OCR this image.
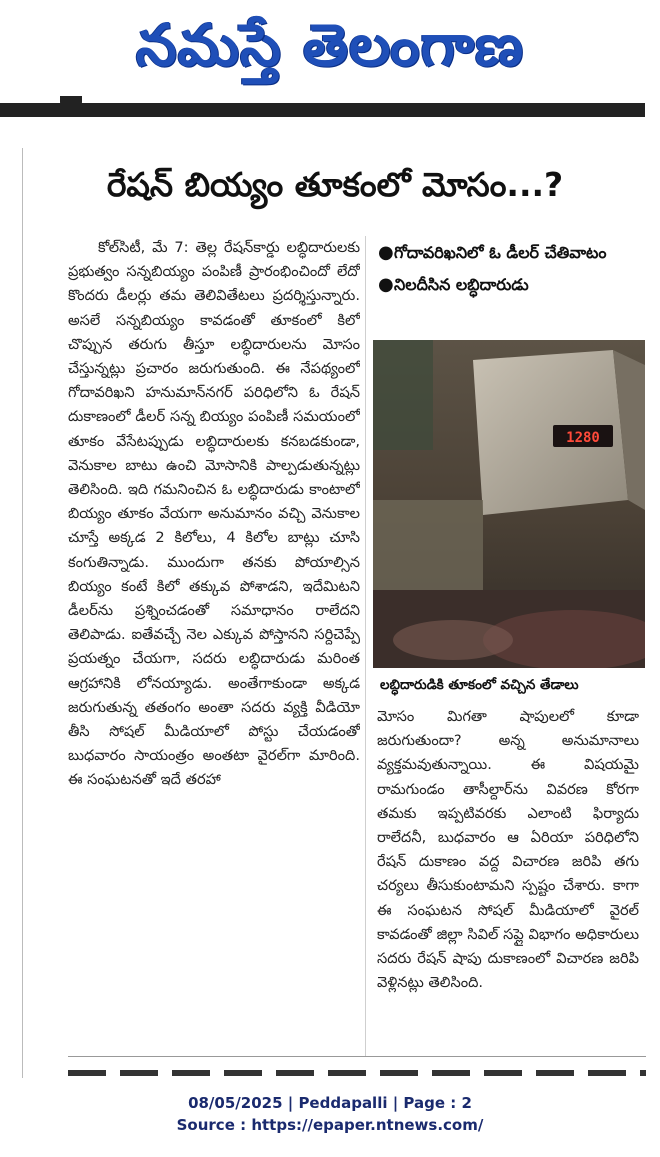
నమస్తే తెలంగాణ
రేషన్ బియ్యం తూకంలో మోసం...?

కోల్‌సిటీ, మే 7: తెల్ల రేషన్‌కార్డు లబ్ధిదారులకు ప్రభుత్వం సన్నబియ్యం పంపిణీ ప్రారంభించిందో లేదో కొందరు డీలర్లు తమ తెలివితేటలు ప్రదర్శిస్తున్నారు. అసలే సన్నబియ్యం కావడంతో తూకంలో కిలో చొప్పున తరుగు తీస్తూ లబ్ధిదారులను మోసం చేస్తున్నట్లు ప్రచారం జరుగుతుంది. ఈ నేపథ్యంలో గోదావరిఖని హనుమాన్‌నగర్ పరిధిలోని ఓ రేషన్ దుకాణంలో డీలర్ సన్న బియ్యం పంపిణీ సమయంలో తూకం వేసేటప్పుడు లబ్ధిదారులకు కనబడకుండా, వెనుకాల బాటు ఉంచి మోసానికి పాల్పడుతున్నట్లు తెలిసింది. ఇది గమనించిన ఓ లబ్ధిదారుడు కాంటాలో బియ్యం తూకం వేయగా అనుమానం వచ్చి వెనుకాల చూస్తే అక్కడ 2 కిలోలు, 4 కిలోల బాట్లు చూసి కంగుతిన్నాడు. ముందుగా తనకు పోయాల్సిన బియ్యం కంటే కిలో తక్కువ పోశాడని, ఇదేమిటని డీలర్‌ను ప్రశ్నించడంతో సమాధానం రాలేదని తెలిపాడు. ఐతేవచ్చే నెల ఎక్కువ పోస్తానని సర్దిచెప్పే ప్రయత్నం చేయగా, సదరు లబ్ధిదారుడు మరింత ఆగ్రహానికి లోనయ్యాడు. అంతేగాకుండా అక్కడ జరుగుతున్న తతంగం అంతా సదరు వ్యక్తి వీడియో తీసి సోషల్ మీడియాలో పోస్టు చేయడంతో బుధవారం సాయంత్రం అంతటా వైరల్‌గా మారింది. ఈ సంఘటనతో ఇదే తరహా

● గోదావరిఖనిలో ఓ డీలర్ చేతివాటం
● నిలదీసిన లబ్ధిదారుడు
1280
లబ్ధిదారుడికి తూకంలో వచ్చిన తేడాలు

మోసం మిగతా షాపులలో కూడా జరుగుతుందా? అన్న అనుమానాలు వ్యక్తమవుతున్నాయి. ఈ విషయమై రామగుండం తాసీల్దార్‌ను వివరణ కోరగా తమకు ఇప్పటివరకు ఎలాంటి ఫిర్యాదు రాలేదనీ, బుధవారం ఆ ఏరియా పరిధిలోని రేషన్ దుకాణం వద్ద విచారణ జరిపి తగు చర్యలు తీసుకుంటామని స్పష్టం చేశారు. కాగా ఈ సంఘటన సోషల్ మీడియాలో వైరల్ కావడంతో జిల్లా సివిల్ సప్లై విభాగం అధికారులు సదరు రేషన్ షాపు దుకాణంలో విచారణ జరిపి వెళ్లినట్లు తెలిసింది.

08/05/2025 | Peddapalli | Page : 2
Source : https://epaper.ntnews.com/
